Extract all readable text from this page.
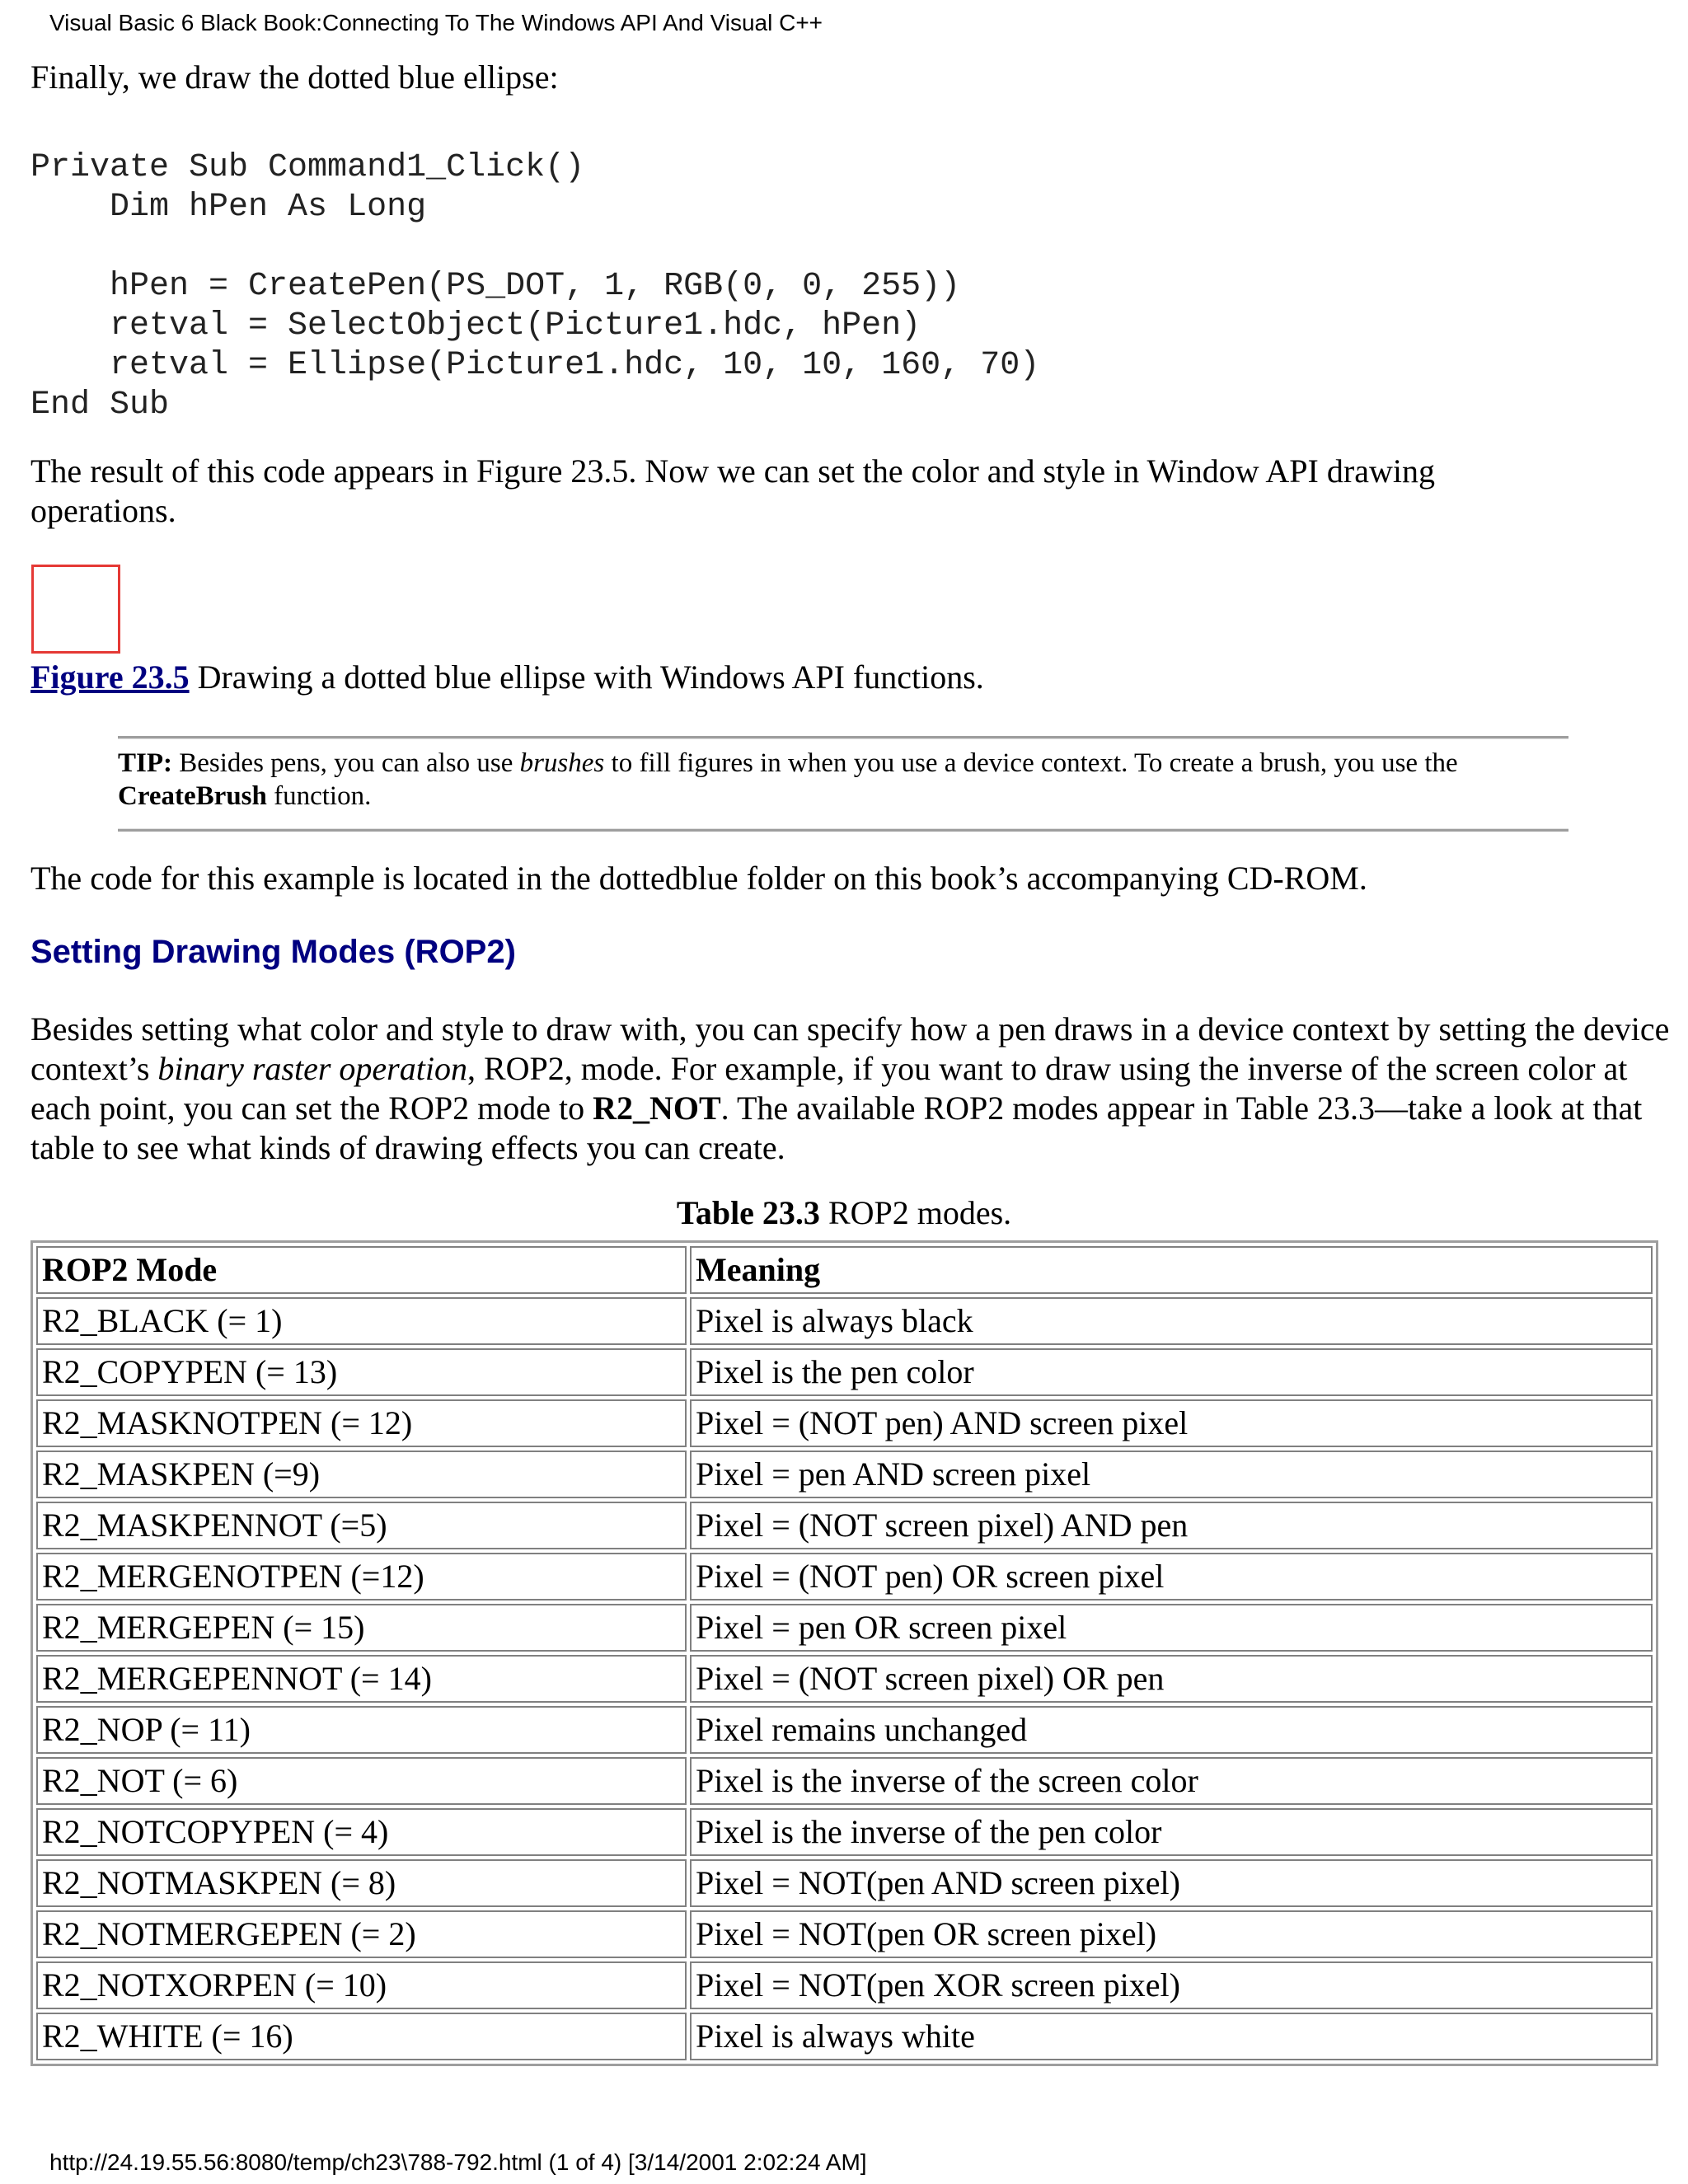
Visual Basic 6 Black Book:Connecting To The Windows API And Visual C++
Finally, we draw the dotted blue ellipse:
Private Sub Command1_Click()
Dim hPen As Long
hPen = CreatePen(PS_DOT, 1, RGB(0, 0, 255))
retval = SelectObject(Picture1.hdc, hPen)
retval = Ellipse(Picture1.hdc, 10, 10, 160, 70)
End Sub
The result of this code appears in Figure 23.5. Now we can set the color and style in Window API drawing
operations.
Figure 23.5 Drawing a dotted blue ellipse with Windows API functions.
TIP: Besides pens, you can also use brushes to fill figures in when you use a device context. To create a brush, you use the CreateBrush function.
The code for this example is located in the dottedblue folder on this book’s accompanying CD-ROM.
Setting Drawing Modes (ROP2)
Besides setting what color and style to draw with, you can specify how a pen draws in a device context by setting the device context’s binary raster operation, ROP2, mode. For example, if you want to draw using the inverse of the screen color at each point, you can set the ROP2 mode to R2_NOT. The available ROP2 modes appear in Table 23.3—take a look at that table to see what kinds of drawing effects you can create.
Table 23.3 ROP2 modes.
ROP2 Mode	Meaning
R2_BLACK (= 1)	Pixel is always black
R2_COPYPEN (= 13)	Pixel is the pen color
R2_MASKNOTPEN (= 12)	Pixel = (NOT pen) AND screen pixel
R2_MASKPEN (=9)	Pixel = pen AND screen pixel
R2_MASKPENNOT (=5)	Pixel = (NOT screen pixel) AND pen
R2_MERGENOTPEN (=12)	Pixel = (NOT pen) OR screen pixel
R2_MERGEPEN (= 15)	Pixel = pen OR screen pixel
R2_MERGEPENNOT (= 14)	Pixel = (NOT screen pixel) OR pen
R2_NOP (= 11)	Pixel remains unchanged
R2_NOT (= 6)	Pixel is the inverse of the screen color
R2_NOTCOPYPEN (= 4)	Pixel is the inverse of the pen color
R2_NOTMASKPEN (= 8)	Pixel = NOT(pen AND screen pixel)
R2_NOTMERGEPEN (= 2)	Pixel = NOT(pen OR screen pixel)
R2_NOTXORPEN (= 10)	Pixel = NOT(pen XOR screen pixel)
R2_WHITE (= 16)	Pixel is always white
http://24.19.55.56:8080/temp/ch23\788-792.html (1 of 4) [3/14/2001 2:02:24 AM]
